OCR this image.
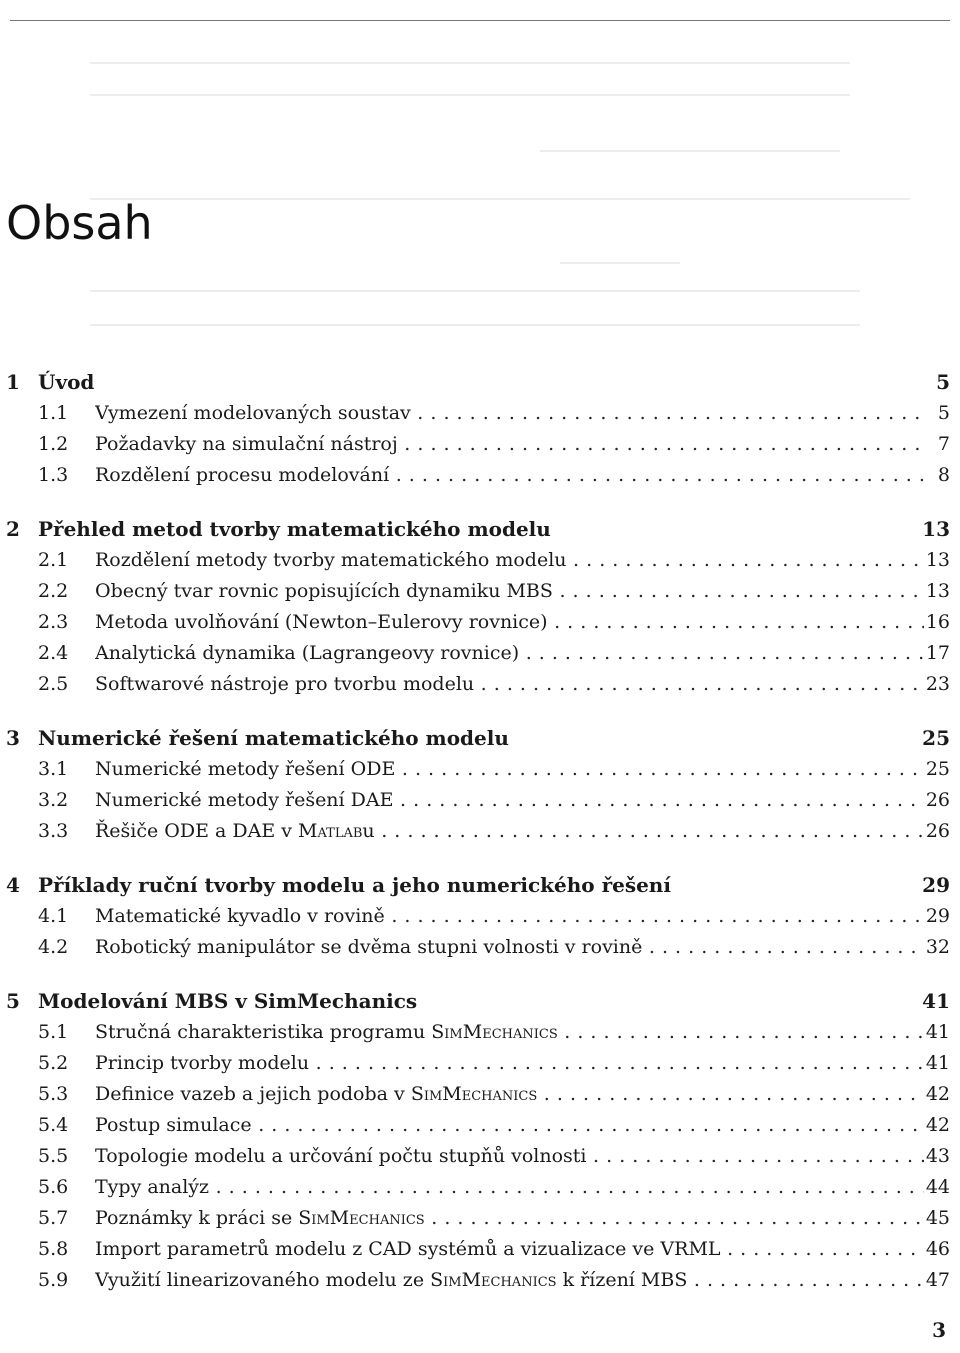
Obsah
1 Úvod	5
1.1 Vymezení modelovaných soustav . . .	5
1.2 Požadavky na simulační nástroj . . .	7
1.3 Rozdělení procesu modelování . . .	8
2 Přehled metod tvorby matematického modelu	13
2.1 Rozdělení metody tvorby matematického modelu . . .	13
2.2 Obecný tvar rovnic popisujících dynamiku MBS . . .	13
2.3 Metoda uvolňování (Newton–Eulerovy rovnice) . . .	16
2.4 Analytická dynamika (Lagrangeovy rovnice) . . .	17
2.5 Softwarové nástroje pro tvorbu modelu . . .	23
3 Numerické řešení matematického modelu	25
3.1 Numerické metody řešení ODE . . .	25
3.2 Numerické metody řešení DAE . . .	26
3.3 Řešiče ODE a DAE v Matlabu . . .	26
4 Příklady ruční tvorby modelu a jeho numerického řešení	29
4.1 Matematické kyvadlo v rovině . . .	29
4.2 Robotický manipulátor se dvěma stupni volnosti v rovině . . .	32
5 Modelování MBS v SimMechanics	41
5.1 Stručná charakteristika programu SimMechanics . . .	41
5.2 Princip tvorby modelu . . .	41
5.3 Definice vazeb a jejich podoba v SimMechanics . . .	42
5.4 Postup simulace . . .	42
5.5 Topologie modelu a určování počtu stupňů volnosti . . .	43
5.6 Typy analýz . . .	44
5.7 Poznámky k práci se SimMechanics . . .	45
5.8 Import parametrů modelu z CAD systémů a vizualizace ve VRML . . .	46
5.9 Využití linearizovaného modelu ze SimMechanics k řízení MBS . . .	47
3
